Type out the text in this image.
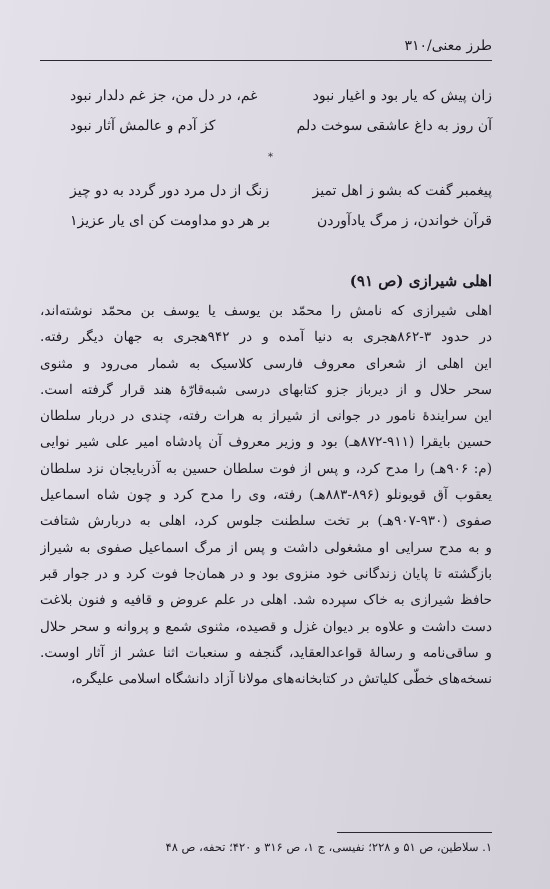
طرز معنی/۳۱۰
زان پیش که یار بود و اغیار نبود
غم، در دل من، جز غم دلدار نبود
آن روز به داغ عاشقی سوخت دلم
کز آدم و عالمش آثار نبود
*
پیغمبر گفت که بشو ز اهل تمیز
زنگ از دل مرد دور گردد به دو چیز
قرآن خواندن، ز مرگ یادآوردن
بر هر دو مداومت کن ای یار عزیز۱
اهلی شیرازی (ص ۹۱)
اهلی شیرازی که نامش را محمّد بن یوسف یا یوسف بن محمّد نوشته‌اند،
در حدود ۳-۸۶۲هجری به دنیا آمده و در ۹۴۲هجری به جهان دیگر رفته.
این اهلی از شعرای معروف فارسی کلاسیک به شمار می‌رود و مثنوی
سحر حلال و از دیرباز جزو کتابهای درسی شبه‌قارّهٔ هند قرار گرفته است.
این سرایندهٔ نامور در جوانی از شیراز به هرات رفته، چندی در دربار سلطان
حسین بایقرا (۹۱۱-۸۷۲هـ) بود و وزیر معروف آن پادشاه امیر علی شیر نوایی
(م: ۹۰۶هـ) را مدح کرد، و پس از فوت سلطان حسین به آذربایجان نزد سلطان
یعقوب آق قویونلو (۸۹۶-۸۸۳هـ) رفته، وی را مدح کرد و چون شاه اسماعیل
صفوی (۹۳۰-۹۰۷هـ) بر تخت سلطنت جلوس کرد، اهلی به دربارش شتافت
و به مدح سرایی او مشغولی داشت و پس از مرگ اسماعیل صفوی به شیراز
بازگشته تا پایان زندگانی خود منزوی بود و در همان‌جا فوت کرد و در جوار قبر
حافظ شیرازی به خاک سپرده شد. اهلی در علم عروض و قافیه و فنون بلاغت
دست داشت و علاوه بر دیوان غزل و قصیده، مثنوی شمع و پروانه و سحر حلال
و ساقی‌نامه و رسالهٔ قواعدالعقاید، گنجفه و سنعبات اثنا عشر از آثار اوست.
نسخه‌های خطّی کلیاتش در کتابخانه‌های مولانا آزاد دانشگاه اسلامی علیگره،
۱. سلاطین، ص ۵۱ و ۲۲۸؛ نفیسی، ج ۱، ص ۳۱۶ و ۴۲۰؛ تحفه، ص ۴۸
